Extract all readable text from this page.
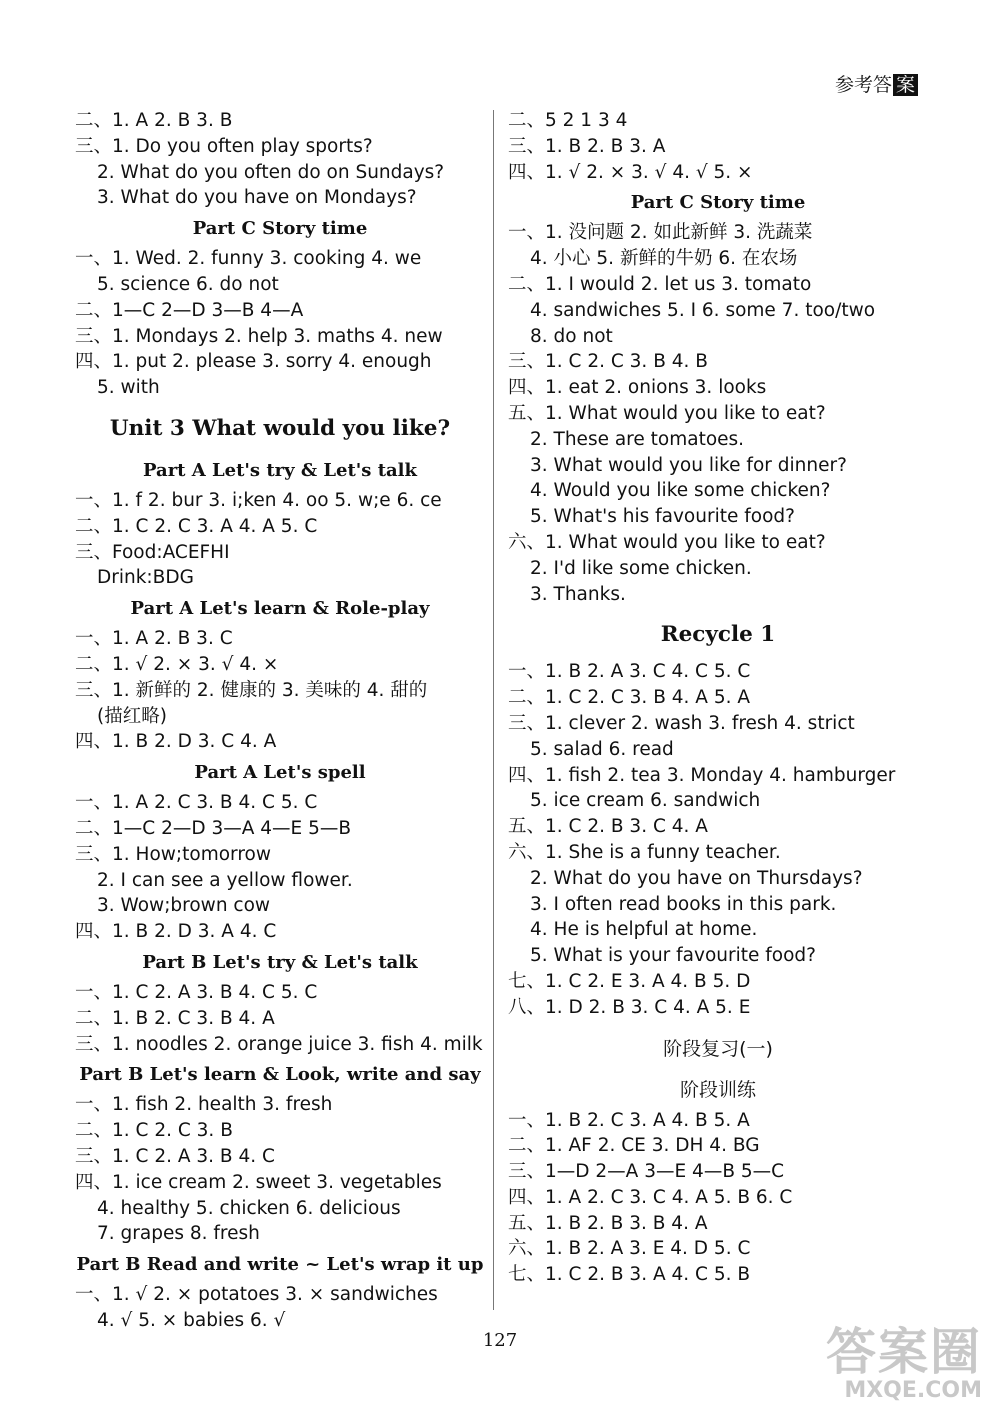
参考答 案
二、1. A 2. B 3. B
三、1. Do you often play sports?
2. What do you often do on Sundays?
3. What do you have on Mondays?
Part C Story time
一、1. Wed. 2. funny 3. cooking 4. we
5. science 6. do not
二、1—C 2—D 3—B 4—A
三、1. Mondays 2. help 3. maths 4. new
四、1. put 2. please 3. sorry 4. enough
5. with
Unit 3 What would you like?
Part A Let's try & Let's talk
一、1. f 2. bur 3. i;ken 4. oo 5. w;e 6. ce
二、1. C 2. C 3. A 4. A 5. C
三、Food:ACEFHI
Drink:BDG
Part A Let's learn & Role-play
一、1. A 2. B 3. C
二、1. √ 2. × 3. √ 4. ×
三、1. 新鲜的 2. 健康的 3. 美味的 4. 甜的
(描红略)
四、1. B 2. D 3. C 4. A
Part A Let's spell
一、1. A 2. C 3. B 4. C 5. C
二、1—C 2—D 3—A 4—E 5—B
三、1. How;tomorrow
2. I can see a yellow flower.
3. Wow;brown cow
四、1. B 2. D 3. A 4. C
Part B Let's try & Let's talk
一、1. C 2. A 3. B 4. C 5. C
二、1. B 2. C 3. B 4. A
三、1. noodles 2. orange juice 3. fish 4. milk
Part B Let's learn & Look, write and say
一、1. fish 2. health 3. fresh
二、1. C 2. C 3. B
三、1. C 2. A 3. B 4. C
四、1. ice cream 2. sweet 3. vegetables
4. healthy 5. chicken 6. delicious
7. grapes 8. fresh
Part B Read and write ~ Let's wrap it up
一、1. √ 2. × potatoes 3. × sandwiches
4. √ 5. × babies 6. √
二、5 2 1 3 4
三、1. B 2. B 3. A
四、1. √ 2. × 3. √ 4. √ 5. ×
Part C Story time
一、1. 没问题 2. 如此新鲜 3. 洗蔬菜
4. 小心 5. 新鲜的牛奶 6. 在农场
二、1. I would 2. let us 3. tomato
4. sandwiches 5. I 6. some 7. too/two
8. do not
三、1. C 2. C 3. B 4. B
四、1. eat 2. onions 3. looks
五、1. What would you like to eat?
2. These are tomatoes.
3. What would you like for dinner?
4. Would you like some chicken?
5. What's his favourite food?
六、1. What would you like to eat?
2. I'd like some chicken.
3. Thanks.
Recycle 1
一、1. B 2. A 3. C 4. C 5. C
二、1. C 2. C 3. B 4. A 5. A
三、1. clever 2. wash 3. fresh 4. strict
5. salad 6. read
四、1. fish 2. tea 3. Monday 4. hamburger
5. ice cream 6. sandwich
五、1. C 2. B 3. C 4. A
六、1. She is a funny teacher.
2. What do you have on Thursdays?
3. I often read books in this park.
4. He is helpful at home.
5. What is your favourite food?
七、1. C 2. E 3. A 4. B 5. D
八、1. D 2. B 3. C 4. A 5. E
阶段复习(一)
阶段训练
一、1. B 2. C 3. A 4. B 5. A
二、1. AF 2. CE 3. DH 4. BG
三、1—D 2—A 3—E 4—B 5—C
四、1. A 2. C 3. C 4. A 5. B 6. C
五、1. B 2. B 3. B 4. A
六、1. B 2. A 3. E 4. D 5. C
七、1. C 2. B 3. A 4. C 5. B
127	答案圈
MXQE.COM
